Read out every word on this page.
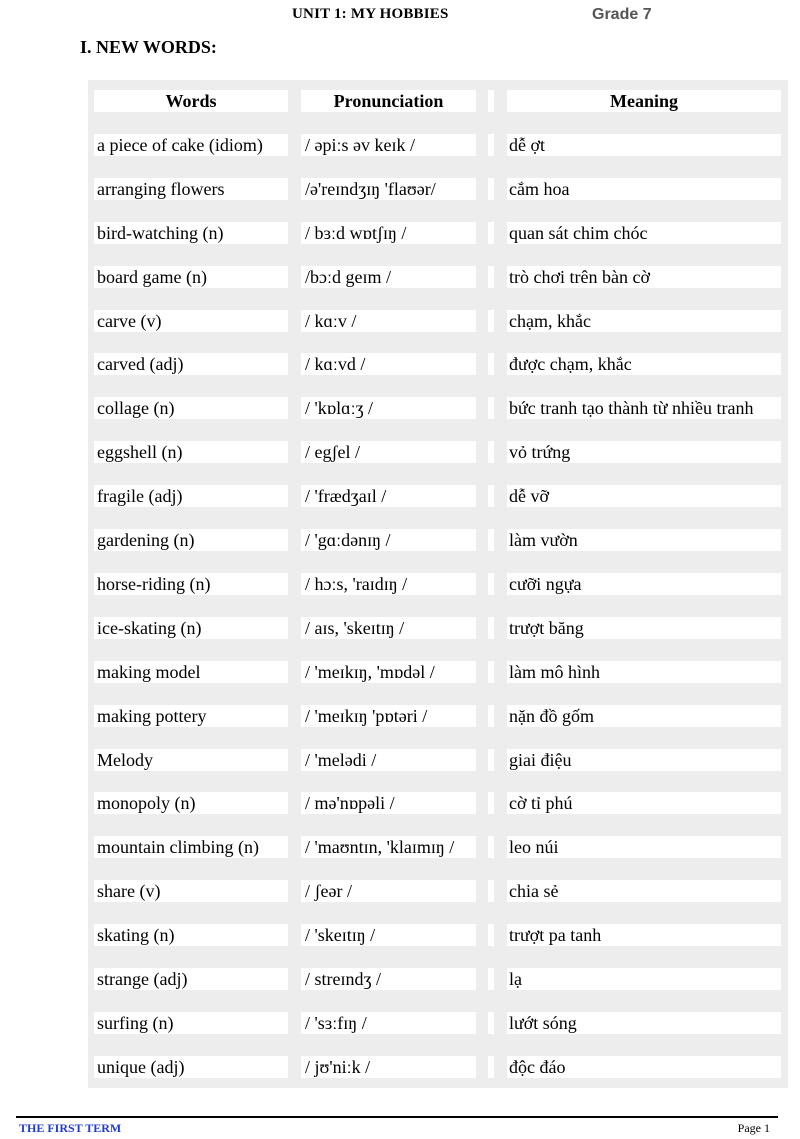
UNIT 1: MY HOBBIES	Grade 7
I. NEW WORDS:
Words	Pronunciation	Meaning
a piece of cake (idiom)	/ əpiːs əv keɪk /	dễ ợt
arranging flowers	/ə'reɪndʒɪŋ 'flaʊər/	cắm hoa
bird-watching (n)	/ bɜːd wɒtʃɪŋ /	quan sát chim chóc
board game (n)	/bɔːd geɪm /	trò chơi trên bàn cờ
carve (v)	/ kɑːv /	chạm, khắc
carved (adj)	/ kɑːvd /	được chạm, khắc
collage (n)	/ 'kɒlɑːʒ /	bức tranh tạo thành từ nhiều tranh
eggshell (n)	/ egʃel /	vỏ trứng
fragile (adj)	/ 'frædʒaɪl /	dễ vỡ
gardening (n)	/ 'gɑːdənɪŋ /	làm vườn
horse-riding (n)	/ hɔːs, 'raɪdɪŋ /	cưỡi ngựa
ice-skating (n)	/ aɪs, 'skeɪtɪŋ /	trượt băng
making model	/ 'meɪkɪŋ, 'mɒdəl /	làm mô hình
making pottery	/ 'meɪkɪŋ 'pɒtəri /	nặn đồ gốm
Melody	/ 'melədi /	giai điệu
monopoly (n)	/ mə'nɒpəli /	cờ tỉ phú
mountain climbing (n)	/ 'maʊntɪn, 'klaɪmɪŋ /	leo núi
share (v)	/ ʃeər /	chia sẻ
skating (n)	/ 'skeɪtɪŋ /	trượt pa tanh
strange (adj)	/ streɪndʒ /	lạ
surfing (n)	/ 'sɜːfɪŋ /	lướt sóng
unique (adj)	/ jʊ'niːk /	độc đáo
THE FIRST TERM	Page 1
